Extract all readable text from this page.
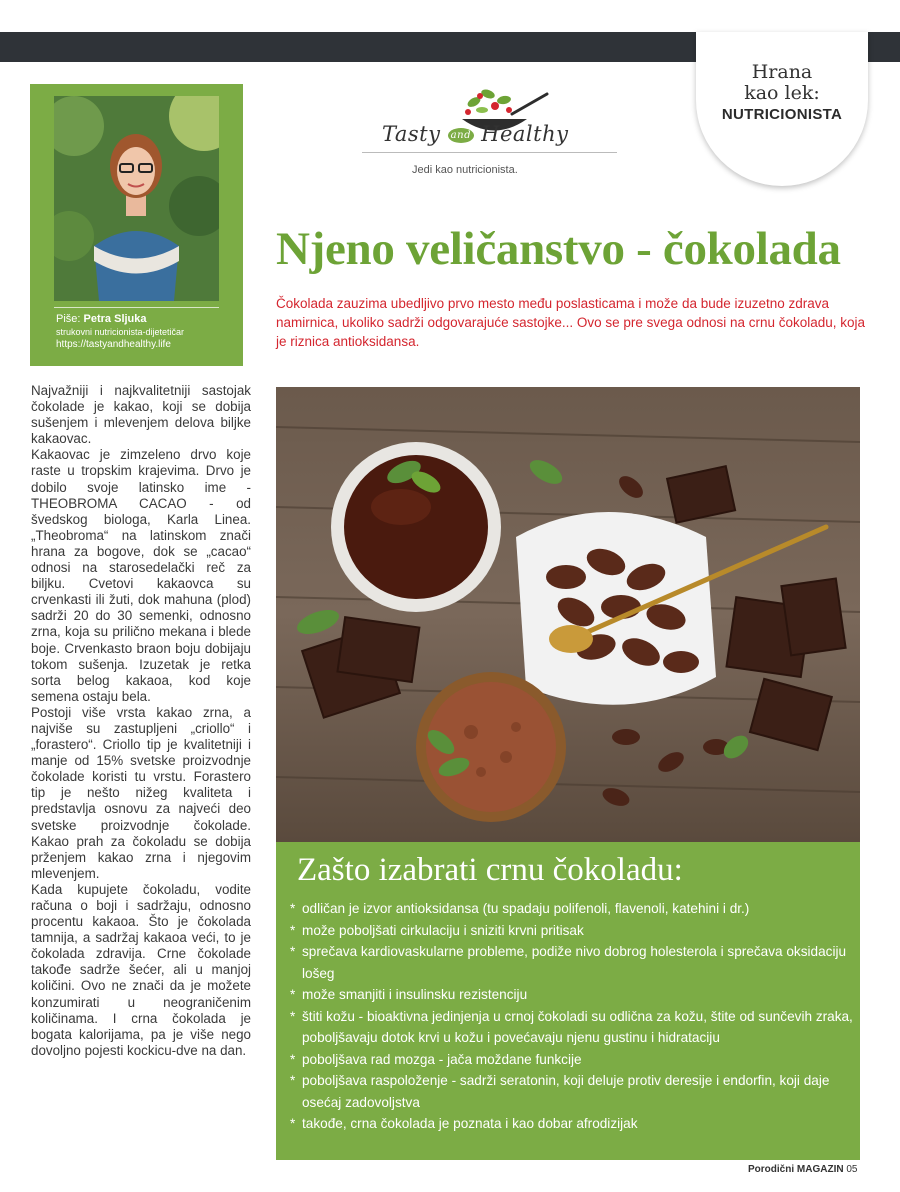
Piše: Petra Sljuka
strukovni nutricionista-dijetetičar
https://tastyandhealthy.life
Tasty and Healthy
Jedi kao nutricionista.
Hrana
kao lek:
NUTRICIONISTA
Njeno veličanstvo - čokolada

Čokolada zauzima ubedljivo prvo mesto među poslasticama i može da bude izuzetno zdrava namirnica, ukoliko sadrži odgovarajuće sastojke... Ovo se pre svega odnosi na crnu čokoladu, koja je riznica antioksidansa.

Najvažniji i najkvalitetniji sastojak čokolade je kakao, koji se dobija sušenjem i mlevenjem delova biljke kakaovac.

Kakaovac je zimzeleno drvo koje raste u tropskim krajevima. Drvo je dobilo svoje latinsko ime -THEOBROMA CACAO - od švedskog biologa, Karla Linea. „Theobroma“ na latinskom znači hrana za bogove, dok se „cacao“ odnosi na starosedelački reč za biljku. Cvetovi kakaovca su crvenkasti ili žuti, dok mahuna (plod) sadrži 20 do 30 semenki, odnosno zrna, koja su prilično mekana i blede boje. Crvenkasto braon boju dobijaju tokom sušenja. Izuzetak je retka sorta belog kakaoa, kod koje semena ostaju bela.

Postoji više vrsta kakao zrna, a najviše su zastupljeni „criollo“ i „forastero“. Criollo tip je kvalitetniji i manje od 15% svetske proizvodnje čokolade koristi tu vrstu. Forastero tip je nešto nižeg kvaliteta i predstavlja osnovu za najveći deo svetske proizvodnje čokolade. Kakao prah za čokoladu se dobija prženjem kakao zrna i njegovim mlevenjem.

Kada kupujete čokoladu, vodite računa o boji i sadržaju, odnosno procentu kakaoa. Što je čokolada tamnija, a sadržaj kakaoa veći, to je čokolada zdravija. Crne čokolade takođe sadrže šećer, ali u manjoj količini. Ovo ne znači da je možete konzumirati u neograničenim količinama. I crna čokolada je bogata kalorijama, pa je više nego dovoljno pojesti kockicu-dve na dan.

Zašto izabrati crnu čokoladu:
* odličan je izvor antioksidansa (tu spadaju polifenoli, flavenoli, katehini i dr.)
* može poboljšati cirkulaciju i sniziti krvni pritisak
* sprečava kardiovaskularne probleme, podiže nivo dobrog holesterola i sprečava oksidaciju lošeg
* može smanjiti i insulinsku rezistenciju
* štiti kožu - bioaktivna jedinjenja u crnoj čokoladi su odlična za kožu, štite od sunčevih zraka, poboljšavaju dotok krvi u kožu i povećavaju njenu gustinu i hidrataciju
* poboljšava rad mozga - jača moždane funkcije
* poboljšava raspoloženje - sadrži seratonin, koji deluje protiv deresije i endorfin, koji daje osećaj zadovoljstva
* takođe, crna čokolada je poznata i kao dobar afrodizijak
Porodični MAGAZIN 05
